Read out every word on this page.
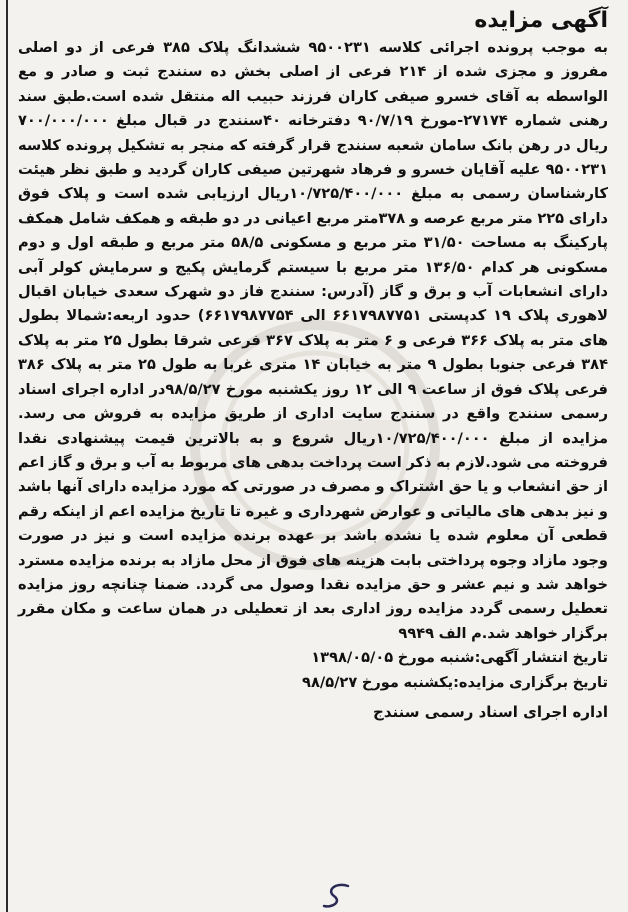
آگهی مزایده

به موجب پرونده اجرائی کلاسه ۹۵۰۰۲۳۱ ششدانگ پلاک ۳۸۵ فرعی از دو اصلی مفروز و مجزی شده از ۲۱۴ فرعی از اصلی بخش ده سنندج ثبت و صادر و مع الواسطه به آقای خسرو صیفی کاران فرزند حبیب اله منتقل شده است.طبق سند رهنی شماره ۲۷۱۷۴-مورخ ۹۰/۷/۱۹ دفترخانه ۴۰سنندج در قبال مبلغ ۷۰۰/۰۰۰/۰۰۰ ریال در رهن بانک سامان شعبه سنندج قرار گرفته که منجر به تشکیل پرونده کلاسه ۹۵۰۰۲۳۱ علیه آقایان خسرو و فرهاد شهرتین صیفی کاران گردید و طبق نظر هیئت کارشناسان رسمی به مبلغ ۱۰/۷۲۵/۴۰۰/۰۰۰ریال ارزیابی شده است و پلاک فوق دارای ۲۲۵ متر مربع عرصه و ۳۷۸متر مربع اعیانی در دو طبقه و همکف شامل همکف پارکینگ به مساحت ۳۱/۵۰ متر مربع و مسکونی ۵۸/۵ متر مربع و طبقه اول و دوم مسکونی هر کدام ۱۳۶/۵۰ متر مربع با سیستم گرمایش پکیج و سرمایش کولر آبی دارای انشعابات آب و برق و گاز (آدرس: سنندج فاز دو شهرک سعدی خیابان اقبال لاهوری پلاک ۱۹ کدپستی ۶۶۱۷۹۸۷۷۵۱ الی ۶۶۱۷۹۸۷۷۵۴) حدود اربعه:شمالا بطول های متر به پلاک ۳۶۶ فرعی و ۶ متر به پلاک ۳۶۷ فرعی شرقا بطول ۲۵ متر به پلاک ۳۸۴ فرعی جنوبا بطول ۹ متر به خیابان ۱۴ متری غربا به طول ۲۵ متر به پلاک ۳۸۶ فرعی پلاک فوق از ساعت ۹ الی ۱۲ روز یکشنبه مورخ ۹۸/۵/۲۷در اداره اجرای اسناد رسمی سنندج واقع در سنندج سایت اداری از طریق مزایده به فروش می رسد. مزایده از مبلغ ۱۰/۷۲۵/۴۰۰/۰۰۰ریال شروع و به بالاترین قیمت پیشنهادی نقدا فروخته می شود.لازم به ذکر است پرداخت بدهی های مربوط به آب و برق و گاز اعم از حق انشعاب و یا حق اشتراک و مصرف در صورتی که مورد مزایده دارای آنها باشد و نیز بدهی های مالیاتی و عوارض شهرداری و غیره تا تاریخ مزایده اعم از اینکه رقم قطعی آن معلوم شده یا نشده باشد بر عهده برنده مزایده است و نیز در صورت وجود مازاد وجوه پرداختی بابت هزینه های فوق از محل مازاد به برنده مزایده مسترد خواهد شد و نیم عشر و حق مزایده نقدا وصول می گردد. ضمنا چنانچه روز مزایده تعطیل رسمی گردد مزایده روز اداری بعد از تعطیلی در همان ساعت و مکان مقرر برگزار خواهد شد.م الف ۹۹۴۹

تاریخ انتشار آگهی:شنبه مورخ ۱۳۹۸/۰۵/۰۵

تاریخ برگزاری مزایده:یکشنبه مورخ ۹۸/۵/۲۷

اداره اجرای اسناد رسمی سنندج
